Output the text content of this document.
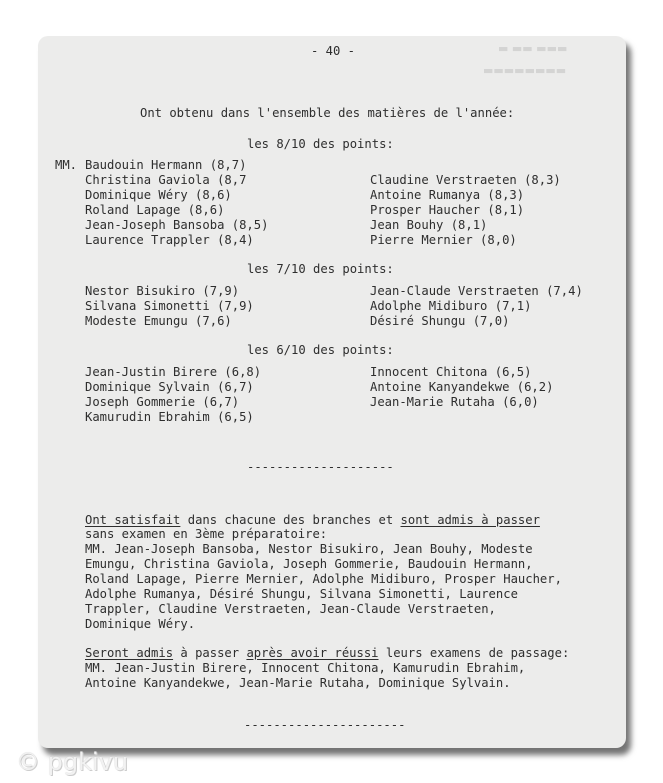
▬ ▬▬ ▬▬▬
▬▬▬▬▬▬▬▬
- 40 -
Ont obtenu dans l'ensemble des matières de l'année:
les 8/10 des points:
MM. Baudouin Hermann (8,7)
Christina Gaviola (8,7
Dominique Wéry (8,6)
Roland Lapage (8,6)
Jean-Joseph Bansoba (8,5)
Laurence Trappler (8,4)
Claudine Verstraeten (8,3)
Antoine Rumanya (8,3)
Prosper Haucher (8,1)
Jean Bouhy (8,1)
Pierre Mernier (8,0)
les 7/10 des points:
Nestor Bisukiro (7,9)
Silvana Simonetti (7,9)
Modeste Emungu (7,6)
Jean-Claude Verstraeten (7,4)
Adolphe Midiburo (7,1)
Désiré Shungu (7,0)
les 6/10 des points:
Jean-Justin Birere (6,8)
Dominique Sylvain (6,7)
Joseph Gommerie (6,7)
Kamurudin Ebrahim (6,5)
Innocent Chitona (6,5)
Antoine Kanyandekwe (6,2)
Jean-Marie Rutaha (6,0)
--------------------
Ont satisfait dans chacune des branches et sont admis à passer
sans examen en 3ème préparatoire:
MM. Jean-Joseph Bansoba, Nestor Bisukiro, Jean Bouhy, Modeste
Emungu, Christina Gaviola, Joseph Gommerie, Baudouin Hermann,
Roland Lapage, Pierre Mernier, Adolphe Midiburo, Prosper Haucher,
Adolphe Rumanya, Désiré Shungu, Silvana Simonetti, Laurence
Trappler, Claudine Verstraeten, Jean-Claude Verstraeten,
Dominique Wéry.
Seront admis à passer après avoir réussi leurs examens de passage:
MM. Jean-Justin Birere, Innocent Chitona, Kamurudin Ebrahim,
Antoine Kanyandekwe, Jean-Marie Rutaha, Dominique Sylvain.
----------------------
© pgkivu
